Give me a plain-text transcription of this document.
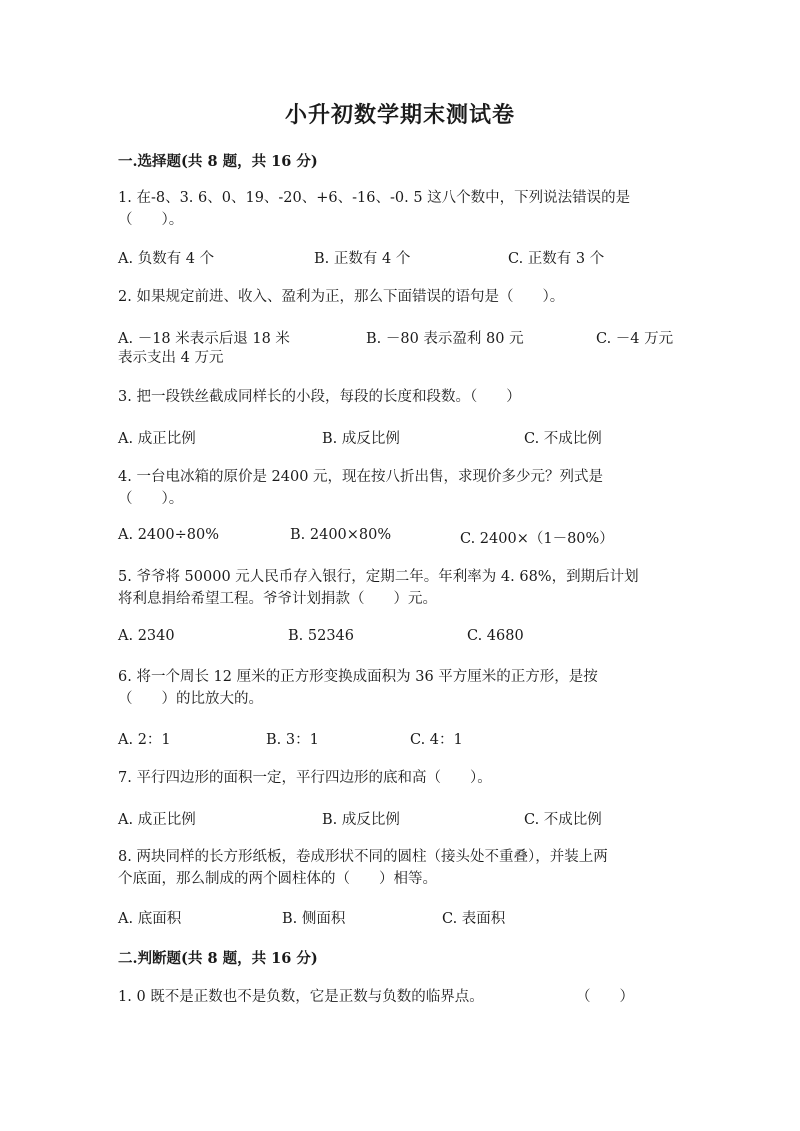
小升初数学期末测试卷
一.选择题(共 8 题，共 16 分)
1. 在-8、3. 6、0、19、-20、+6、-16、-0. 5 这八个数中，下列说法错误的是
（　　）。
A. 负数有 4 个	B. 正数有 4 个	C. 正数有 3 个
2. 如果规定前进、收入、盈利为正，那么下面错误的语句是（　　）。
A. －18 米表示后退 18 米	B. －80 表示盈利 80 元	C. －4 万元
表示支出 4 万元
3. 把一段铁丝截成同样长的小段，每段的长度和段数。（　　）
A. 成正比例	B. 成反比例	C. 不成比例
4. 一台电冰箱的原价是 2400 元，现在按八折出售，求现价多少元？列式是
（　　）。
A. 2400÷80%	B. 2400×80%	C. 2400×（1－80%）
5. 爷爷将 50000 元人民币存入银行，定期二年。年利率为 4. 68%，到期后计划
将利息捐给希望工程。爷爷计划捐款（　　）元。
A. 2340	B. 52346	C. 4680
6. 将一个周长 12 厘米的正方形变换成面积为 36 平方厘米的正方形，是按
（　　）的比放大的。
A. 2：1	B. 3：1	C. 4：1
7. 平行四边形的面积一定，平行四边形的底和高（　　）。
A. 成正比例	B. 成反比例	C. 不成比例
8. 两块同样的长方形纸板，卷成形状不同的圆柱（接头处不重叠），并装上两
个底面，那么制成的两个圆柱体的（　　）相等。
A. 底面积	B. 侧面积	C. 表面积
二.判断题(共 8 题，共 16 分)
1. 0 既不是正数也不是负数，它是正数与负数的临界点。	（　　）
